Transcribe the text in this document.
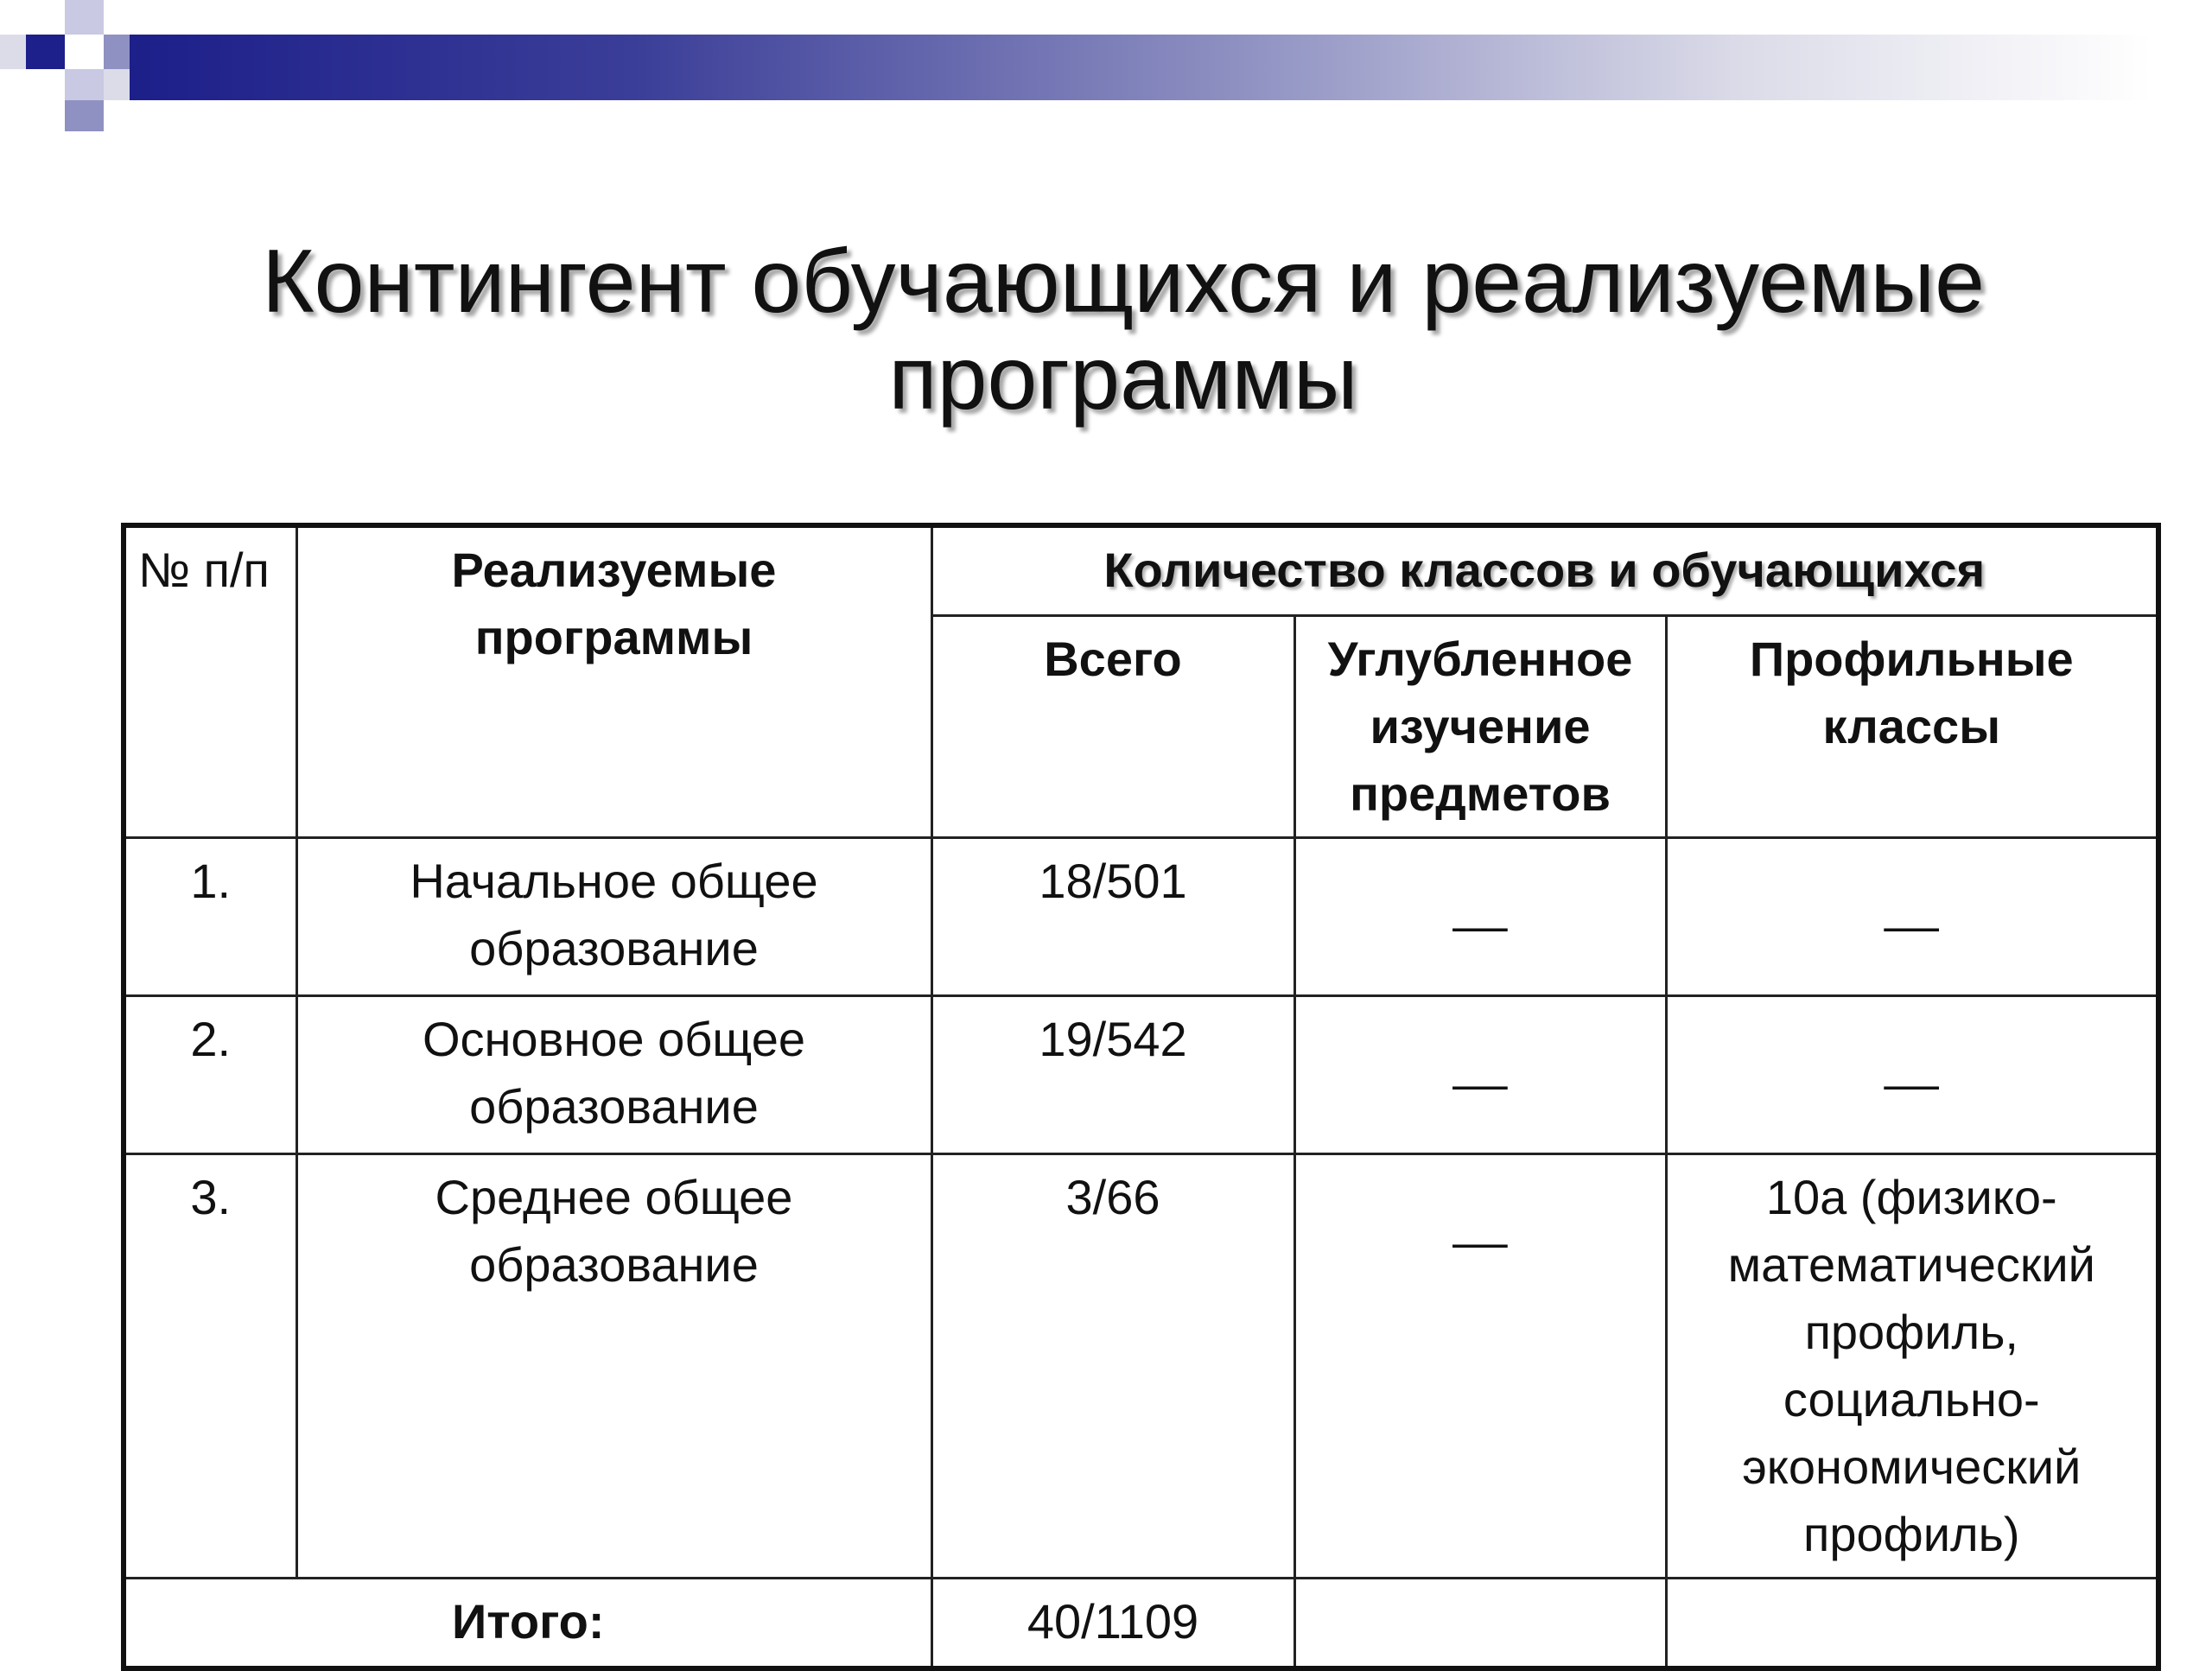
Контингент обучающихся и реализуемые программы
№ п/п	Реализуемые программы	Количество классов и обучающихся		
		Всего	Углубленное изучение предметов	Профильные классы
1.	Начальное общее образование	18/501	__	__
2.	Основное общее образование	19/542	__	__
3.	Среднее общее образование	3/66	__	10а (физико-математический профиль, социально-экономический профиль)
Итого:		40/1109		
